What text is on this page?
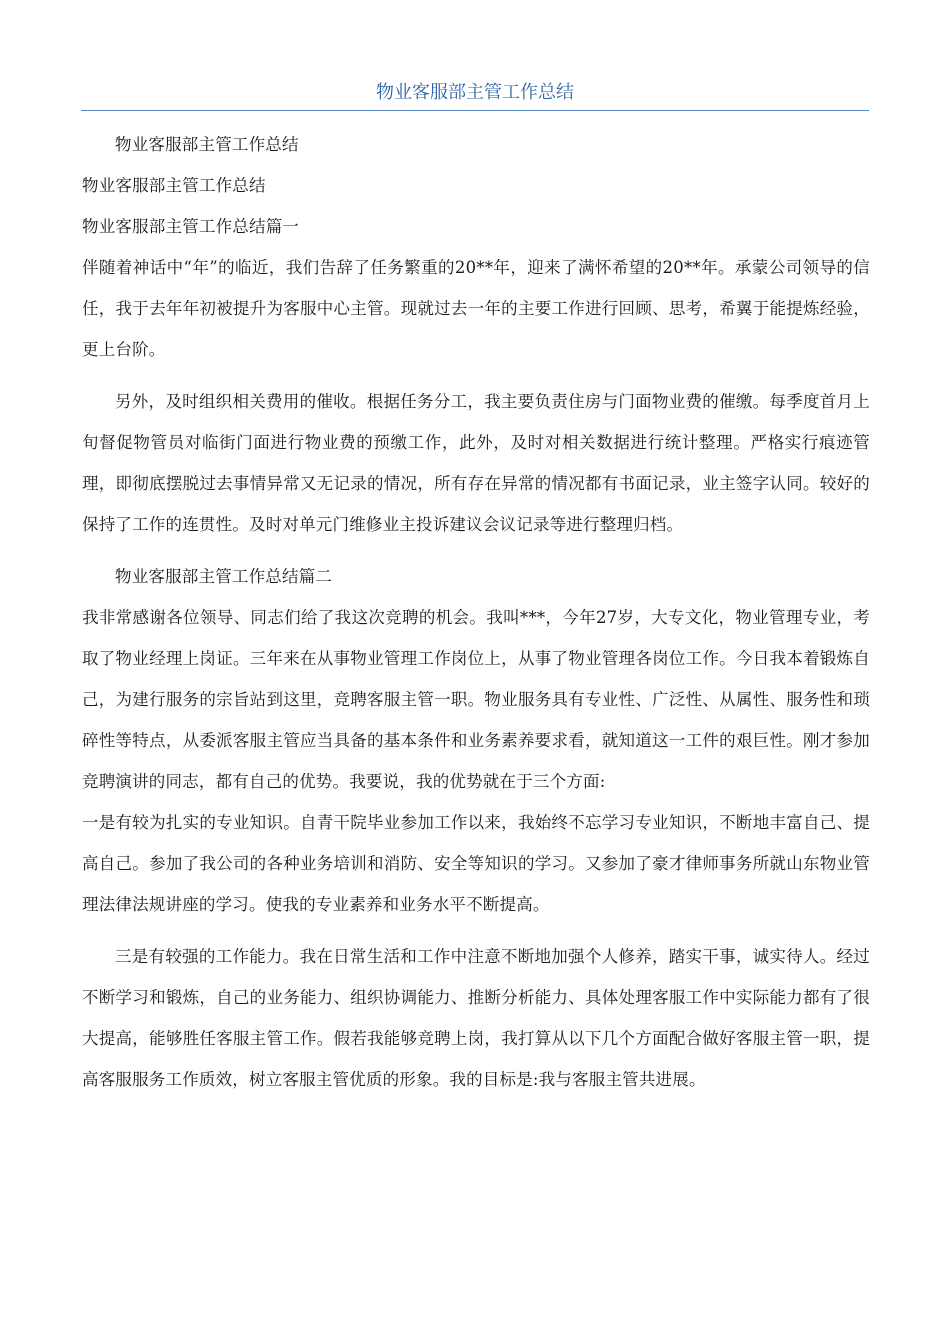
物业客服部主管工作总结

物业客服部主管工作总结

物业客服部主管工作总结

物业客服部主管工作总结篇一

伴随着神话中“年”的临近，我们告辞了任务繁重的20**年，迎来了满怀希望的20**年。承蒙公司领导的信任，我于去年年初被提升为客服中心主管。现就过去一年的主要工作进行回顾、思考，希翼于能提炼经验，更上台阶。

另外，及时组织相关费用的催收。根据任务分工，我主要负责住房与门面物业费的催缴。每季度首月上旬督促物管员对临街门面进行物业费的预缴工作，此外，及时对相关数据进行统计整理。严格实行痕迹管理，即彻底摆脱过去事情异常又无记录的情况，所有存在异常的情况都有书面记录，业主签字认同。较好的保持了工作的连贯性。及时对单元门维修业主投诉建议会议记录等进行整理归档。

物业客服部主管工作总结篇二

我非常感谢各位领导、同志们给了我这次竞聘的机会。我叫***，今年27岁，大专文化，物业管理专业，考取了物业经理上岗证。三年来在从事物业管理工作岗位上，从事了物业管理各岗位工作。今日我本着锻炼自己，为建行服务的宗旨站到这里，竞聘客服主管一职。物业服务具有专业性、广泛性、从属性、服务性和琐碎性等特点，从委派客服主管应当具备的基本条件和业务素养要求看，就知道这一工件的艰巨性。刚才参加竞聘演讲的同志，都有自己的优势。我要说，我的优势就在于三个方面:

一是有较为扎实的专业知识。自青干院毕业参加工作以来，我始终不忘学习专业知识，不断地丰富自己、提高自己。参加了我公司的各种业务培训和消防、安全等知识的学习。又参加了豪才律师事务所就山东物业管理法律法规讲座的学习。使我的专业素养和业务水平不断提高。

三是有较强的工作能力。我在日常生活和工作中注意不断地加强个人修养，踏实干事，诚实待人。经过不断学习和锻炼，自己的业务能力、组织协调能力、推断分析能力、具体处理客服工作中实际能力都有了很大提高，能够胜任客服主管工作。假若我能够竞聘上岗，我打算从以下几个方面配合做好客服主管一职，提高客服服务工作质效，树立客服主管优质的形象。我的目标是:我与客服主管共进展。
